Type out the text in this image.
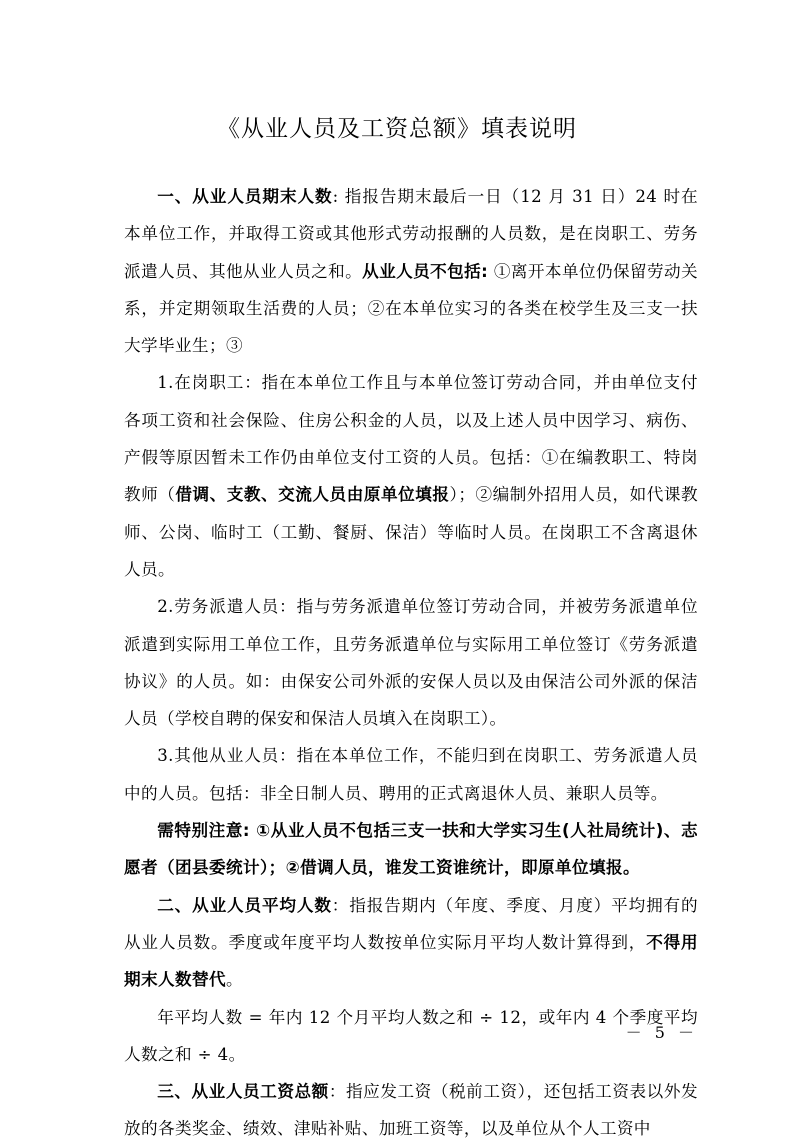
《从业人员及工资总额》填表说明

一、从业人员期末人数: 指报告期末最后一日（12 月 31 日）24 时在本单位工作，并取得工资或其他形式劳动报酬的人员数，是在岗职工、劳务派遣人员、其他从业人员之和。从业人员不包括: ①离开本单位仍保留劳动关系，并定期领取生活费的人员；②在本单位实习的各类在校学生及三支一扶大学毕业生；③

1.在岗职工：指在本单位工作且与本单位签订劳动合同，并由单位支付各项工资和社会保险、住房公积金的人员，以及上述人员中因学习、病伤、产假等原因暂未工作仍由单位支付工资的人员。包括：①在编教职工、特岗教师（借调、支教、交流人员由原单位填报）；②编制外招用人员，如代课教师、公岗、临时工（工勤、餐厨、保洁）等临时人员。在岗职工不含离退休人员。

2.劳务派遣人员：指与劳务派遣单位签订劳动合同，并被劳务派遣单位派遣到实际用工单位工作，且劳务派遣单位与实际用工单位签订《劳务派遣协议》的人员。如：由保安公司外派的安保人员以及由保洁公司外派的保洁人员（学校自聘的保安和保洁人员填入在岗职工）。

3.其他从业人员：指在本单位工作，不能归到在岗职工、劳务派遣人员中的人员。包括：非全日制人员、聘用的正式离退休人员、兼职人员等。

需特别注意: ①从业人员不包括三支一扶和大学实习生(人社局统计)、志愿者（团县委统计）；②借调人员，谁发工资谁统计，即原单位填报。

二、从业人员平均人数：指报告期内（年度、季度、月度）平均拥有的从业人员数。季度或年度平均人数按单位实际月平均人数计算得到，不得用期末人数替代。

年平均人数 = 年内 12 个月平均人数之和 ÷ 12，或年内 4 个季度平均人数之和 ÷ 4。

三、从业人员工资总额：指应发工资（税前工资），还包括工资表以外发放的各类奖金、绩效、津贴补贴、加班工资等，以及单位从个人工资中

－ 5 －
